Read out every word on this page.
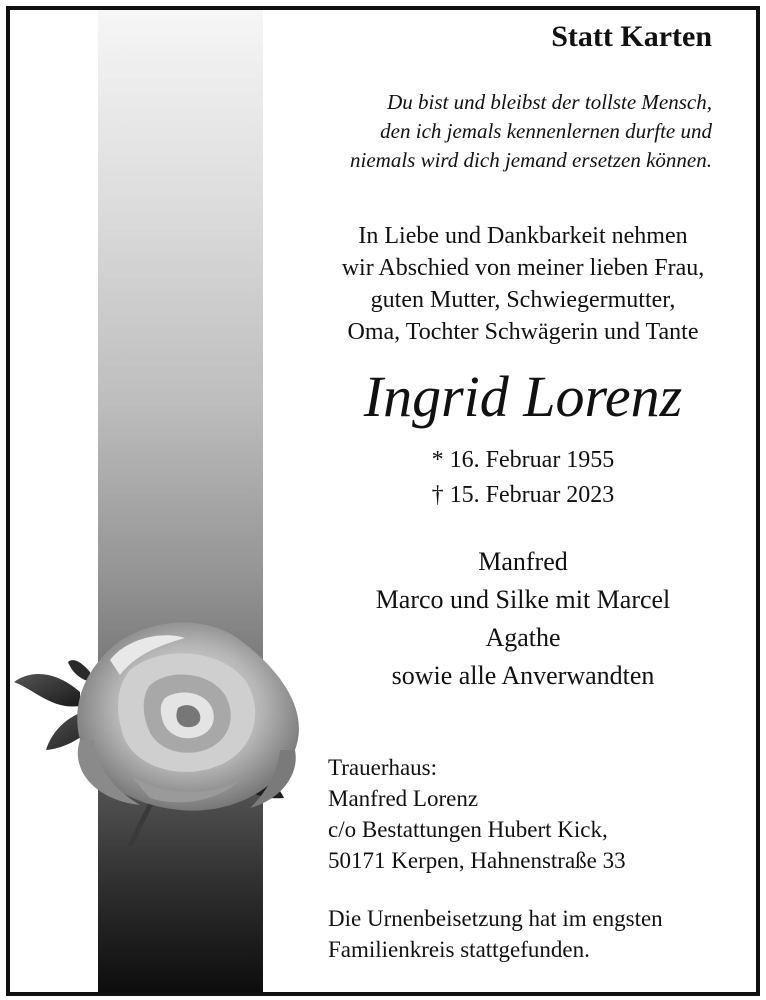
Statt Karten
Du bist und bleibst der tollste Mensch,
den ich jemals kennenlernen durfte und
niemals wird dich jemand ersetzen können.
In Liebe und Dankbarkeit nehmen
wir Abschied von meiner lieben Frau,
guten Mutter, Schwiegermutter,
Oma, Tochter Schwägerin und Tante
Ingrid Lorenz
* 16. Februar 1955
† 15. Februar 2023
Manfred
Marco und Silke mit Marcel
Agathe
sowie alle Anverwandten
Trauerhaus:
Manfred Lorenz
c/o Bestattungen Hubert Kick,
50171 Kerpen, Hahnenstraße 33
Die Urnenbeisetzung hat im engsten
Familienkreis stattgefunden.
